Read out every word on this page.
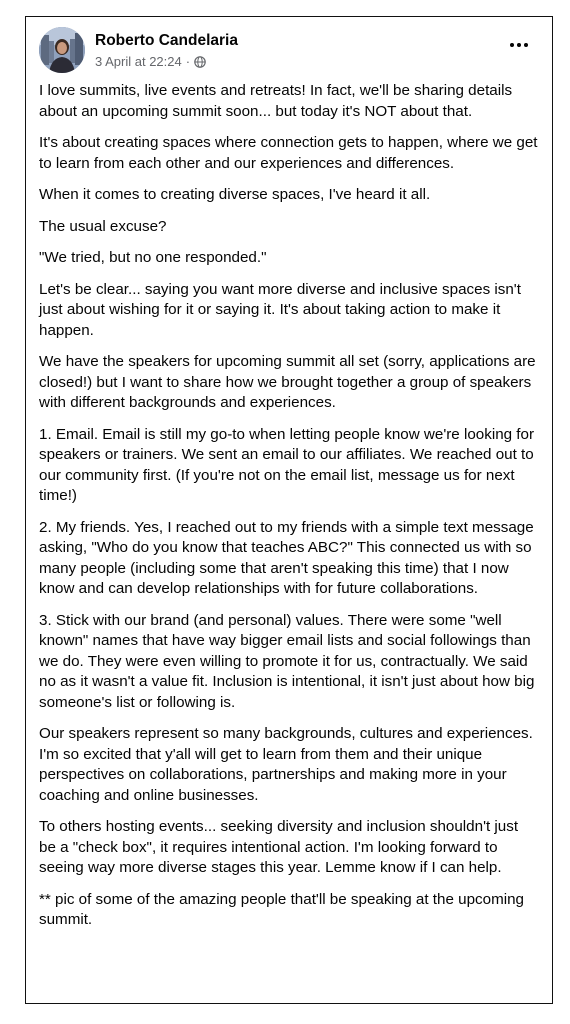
Roberto Candelaria
3 April at 22:24 ·

I love summits, live events and retreats! In fact, we'll be sharing details about an upcoming summit soon... but today it's NOT about that.

It's about creating spaces where connection gets to happen, where we get to learn from each other and our experiences and differences.

When it comes to creating diverse spaces, I've heard it all.

The usual excuse?

"We tried, but no one responded."

Let's be clear... saying you want more diverse and inclusive spaces isn't just about wishing for it or saying it. It's about taking action to make it happen.

We have the speakers for upcoming summit all set (sorry, applications are closed!) but I want to share how we brought together a group of speakers with different backgrounds and experiences.

1. Email. Email is still my go-to when letting people know we're looking for speakers or trainers. We sent an email to our affiliates. We reached out to our community first. (If you're not on the email list, message us for next time!)

2. My friends. Yes, I reached out to my friends with a simple text message asking, "Who do you know that teaches ABC?" This connected us with so many people (including some that aren't speaking this time) that I now know and can develop relationships with for future collaborations.

3. Stick with our brand (and personal) values. There were some "well known" names that have way bigger email lists and social followings than we do. They were even willing to promote it for us, contractually. We said no as it wasn't a value fit. Inclusion is intentional, it isn't just about how big someone's list or following is.

Our speakers represent so many backgrounds, cultures and experiences.
I'm so excited that y'all will get to learn from them and their unique perspectives on collaborations, partnerships and making more in your coaching and online businesses.

To others hosting events... seeking diversity and inclusion shouldn't just be a "check box", it requires intentional action. I'm looking forward to seeing way more diverse stages this year. Lemme know if I can help.

** pic of some of the amazing people that'll be speaking at the upcoming summit.
